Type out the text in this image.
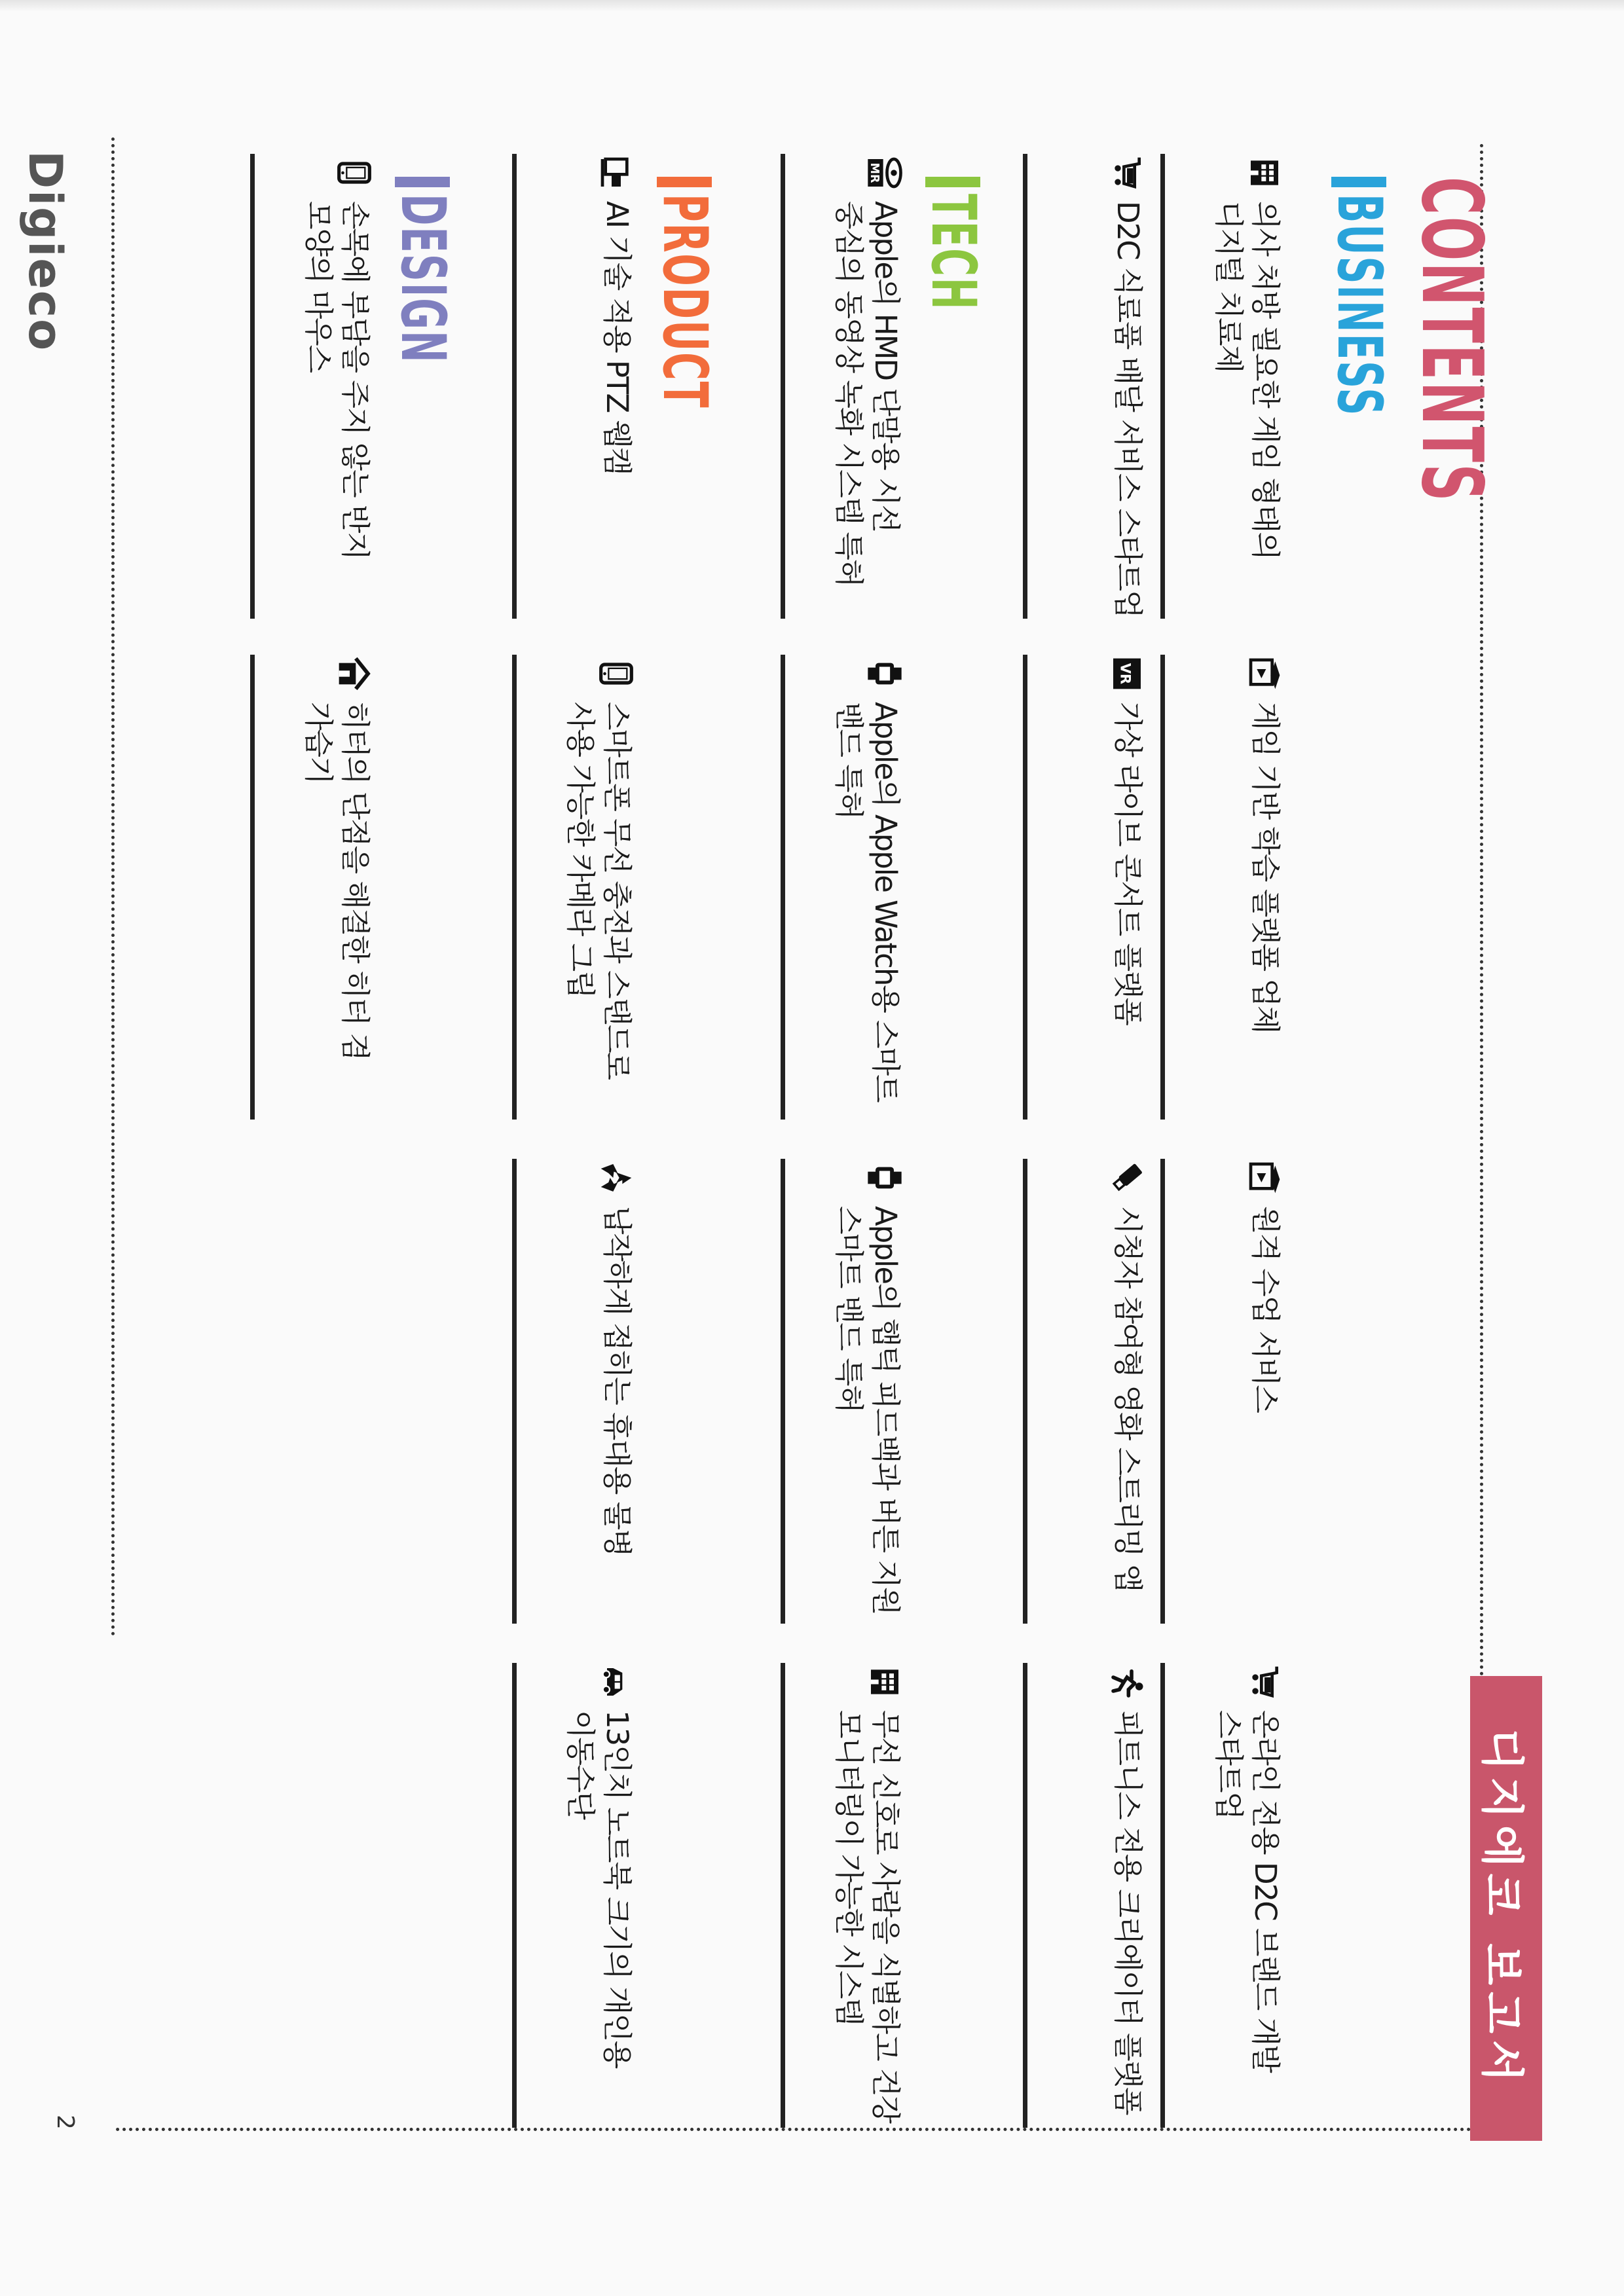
CONTENTS
디지에코 보고서
BUSINESS
의사 처방 필요한 게임 형태의 디지털 치료제
게임 기반 학습 플랫폼 업체
원격 수업 서비스
온라인 전용 D2C 브랜드 개발 스타트업
D2C 식료품 배달 서비스 스타트업
VR
가상 라이브 콘서트 플랫폼
시청자 참여형 영화 스트리밍 앱
피트니스 전용 크리에이터 플랫폼
TECH
MR
Apple의 HMD 단말용 시선 중심의 동영상 녹화 시스템 특허
Apple의 Apple Watch용 스마트 밴드 특허
Apple의 햅틱 피드백과 버튼 지원 스마트 밴드 특허
무선 신호로 사람을 식별하고 건강 모니터링이 가능한 시스템
PRODUCT
AI 기술 적용 PTZ 웹캠
스마트폰 무선 충전과 스탠드로 사용 가능한 카메라 그립
납작하게 접히는 휴대용 물병
13인치 노트북 크기의 개인용 이동수단
DESIGN
손목에 부담을 주지 않는 반지 모양의 마우스
히터의 단점을 해결한 히터 겸 가습기
Digieco
2
